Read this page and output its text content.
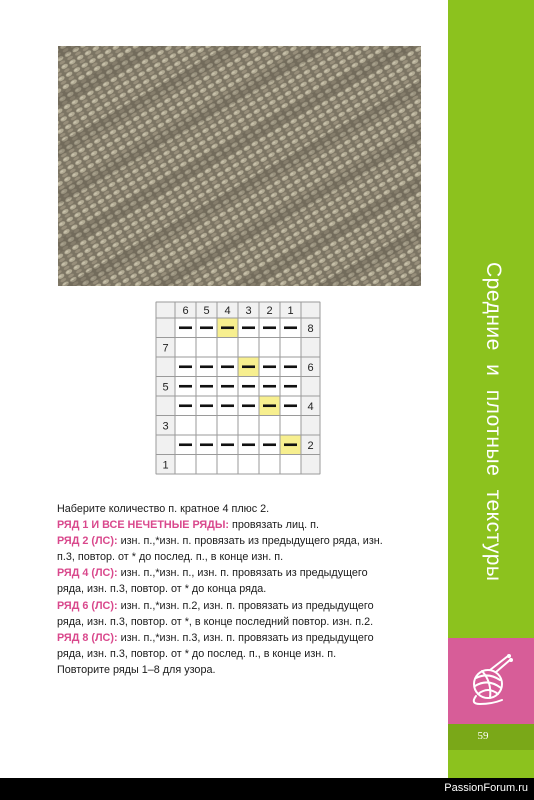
6 5 4 3 2 1
8
7
6
5
4
3
2
1

Наберите количество п. кратное 4 плюс 2.

РЯД 1 И ВСЕ НЕЧЕТНЫЕ РЯДЫ: провязать лиц. п.

РЯД 2 (ЛС): изн. п.,*изн. п. провязать из предыдущего ряда, изн.

п.3, повтор. от * до послед. п., в конце изн. п.

РЯД 4 (ЛС): изн. п.,*изн. п., изн. п. провязать из предыдущего

ряда, изн. п.3, повтор. от * до конца ряда.

РЯД 6 (ЛС): изн. п.,*изн. п.2, изн. п. провязать из предыдущего

ряда, изн. п.3, повтор. от *, в конце последний повтор. изн. п.2.

РЯД 8 (ЛС): изн. п.,*изн. п.3, изн. п. провязать из предыдущего

ряда, изн. п.3, повтор. от * до послед. п., в конце изн. п.

Повторите ряды 1–8 для узора.

Средние и плотные текстуры
59
PassionForum.ru
